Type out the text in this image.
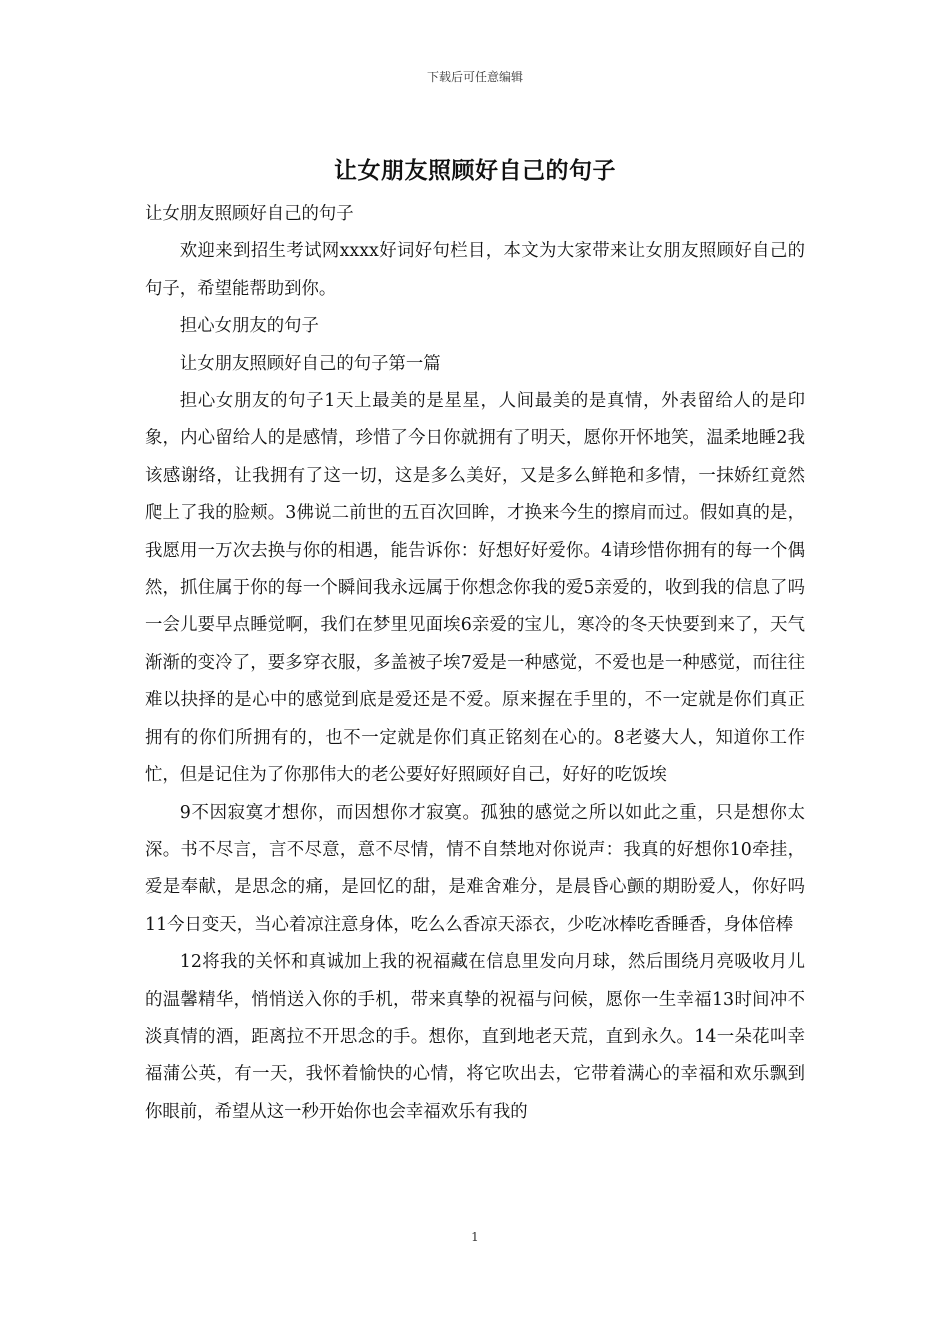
下载后可任意编辑
让女朋友照顾好自己的句子

让女朋友照顾好自己的句子

欢迎来到招生考试网xxxx好词好句栏目，本文为大家带来让女朋友照顾好自己的句子，希望能帮助到你。

担心女朋友的句子

让女朋友照顾好自己的句子第一篇

担心女朋友的句子1天上最美的是星星，人间最美的是真情，外表留给人的是印象，内心留给人的是感情，珍惜了今日你就拥有了明天，愿你开怀地笑，温柔地睡2我该感谢络，让我拥有了这一切，这是多么美好，又是多么鲜艳和多情，一抹娇红竟然爬上了我的脸颊。3佛说二前世的五百次回眸，才换来今生的擦肩而过。假如真的是，我愿用一万次去换与你的相遇，能告诉你：好想好好爱你。4请珍惜你拥有的每一个偶然，抓住属于你的每一个瞬间我永远属于你想念你我的爱5亲爱的，收到我的信息了吗一会儿要早点睡觉啊，我们在梦里见面埃6亲爱的宝儿，寒冷的冬天快要到来了，天气渐渐的变冷了，要多穿衣服，多盖被子埃7爱是一种感觉，不爱也是一种感觉，而往往难以抉择的是心中的感觉到底是爱还是不爱。原来握在手里的，不一定就是你们真正拥有的你们所拥有的，也不一定就是你们真正铭刻在心的。8老婆大人，知道你工作忙，但是记住为了你那伟大的老公要好好照顾好自己，好好的吃饭埃

9不因寂寞才想你，而因想你才寂寞。孤独的感觉之所以如此之重，只是想你太深。书不尽言，言不尽意，意不尽情，情不自禁地对你说声：我真的好想你10牵挂，爱是奉献，是思念的痛，是回忆的甜，是难舍难分，是晨昏心颤的期盼爱人，你好吗11今日变天，当心着凉注意身体，吃么么香凉天添衣，少吃冰棒吃香睡香，身体倍棒

12将我的关怀和真诚加上我的祝福藏在信息里发向月球，然后围绕月亮吸收月儿的温馨精华，悄悄送入你的手机，带来真挚的祝福与问候，愿你一生幸福13时间冲不淡真情的酒，距离拉不开思念的手。想你，直到地老天荒，直到永久。14一朵花叫幸福蒲公英，有一天，我怀着愉快的心情，将它吹出去，它带着满心的幸福和欢乐飘到你眼前，希望从这一秒开始你也会幸福欢乐有我的

1
